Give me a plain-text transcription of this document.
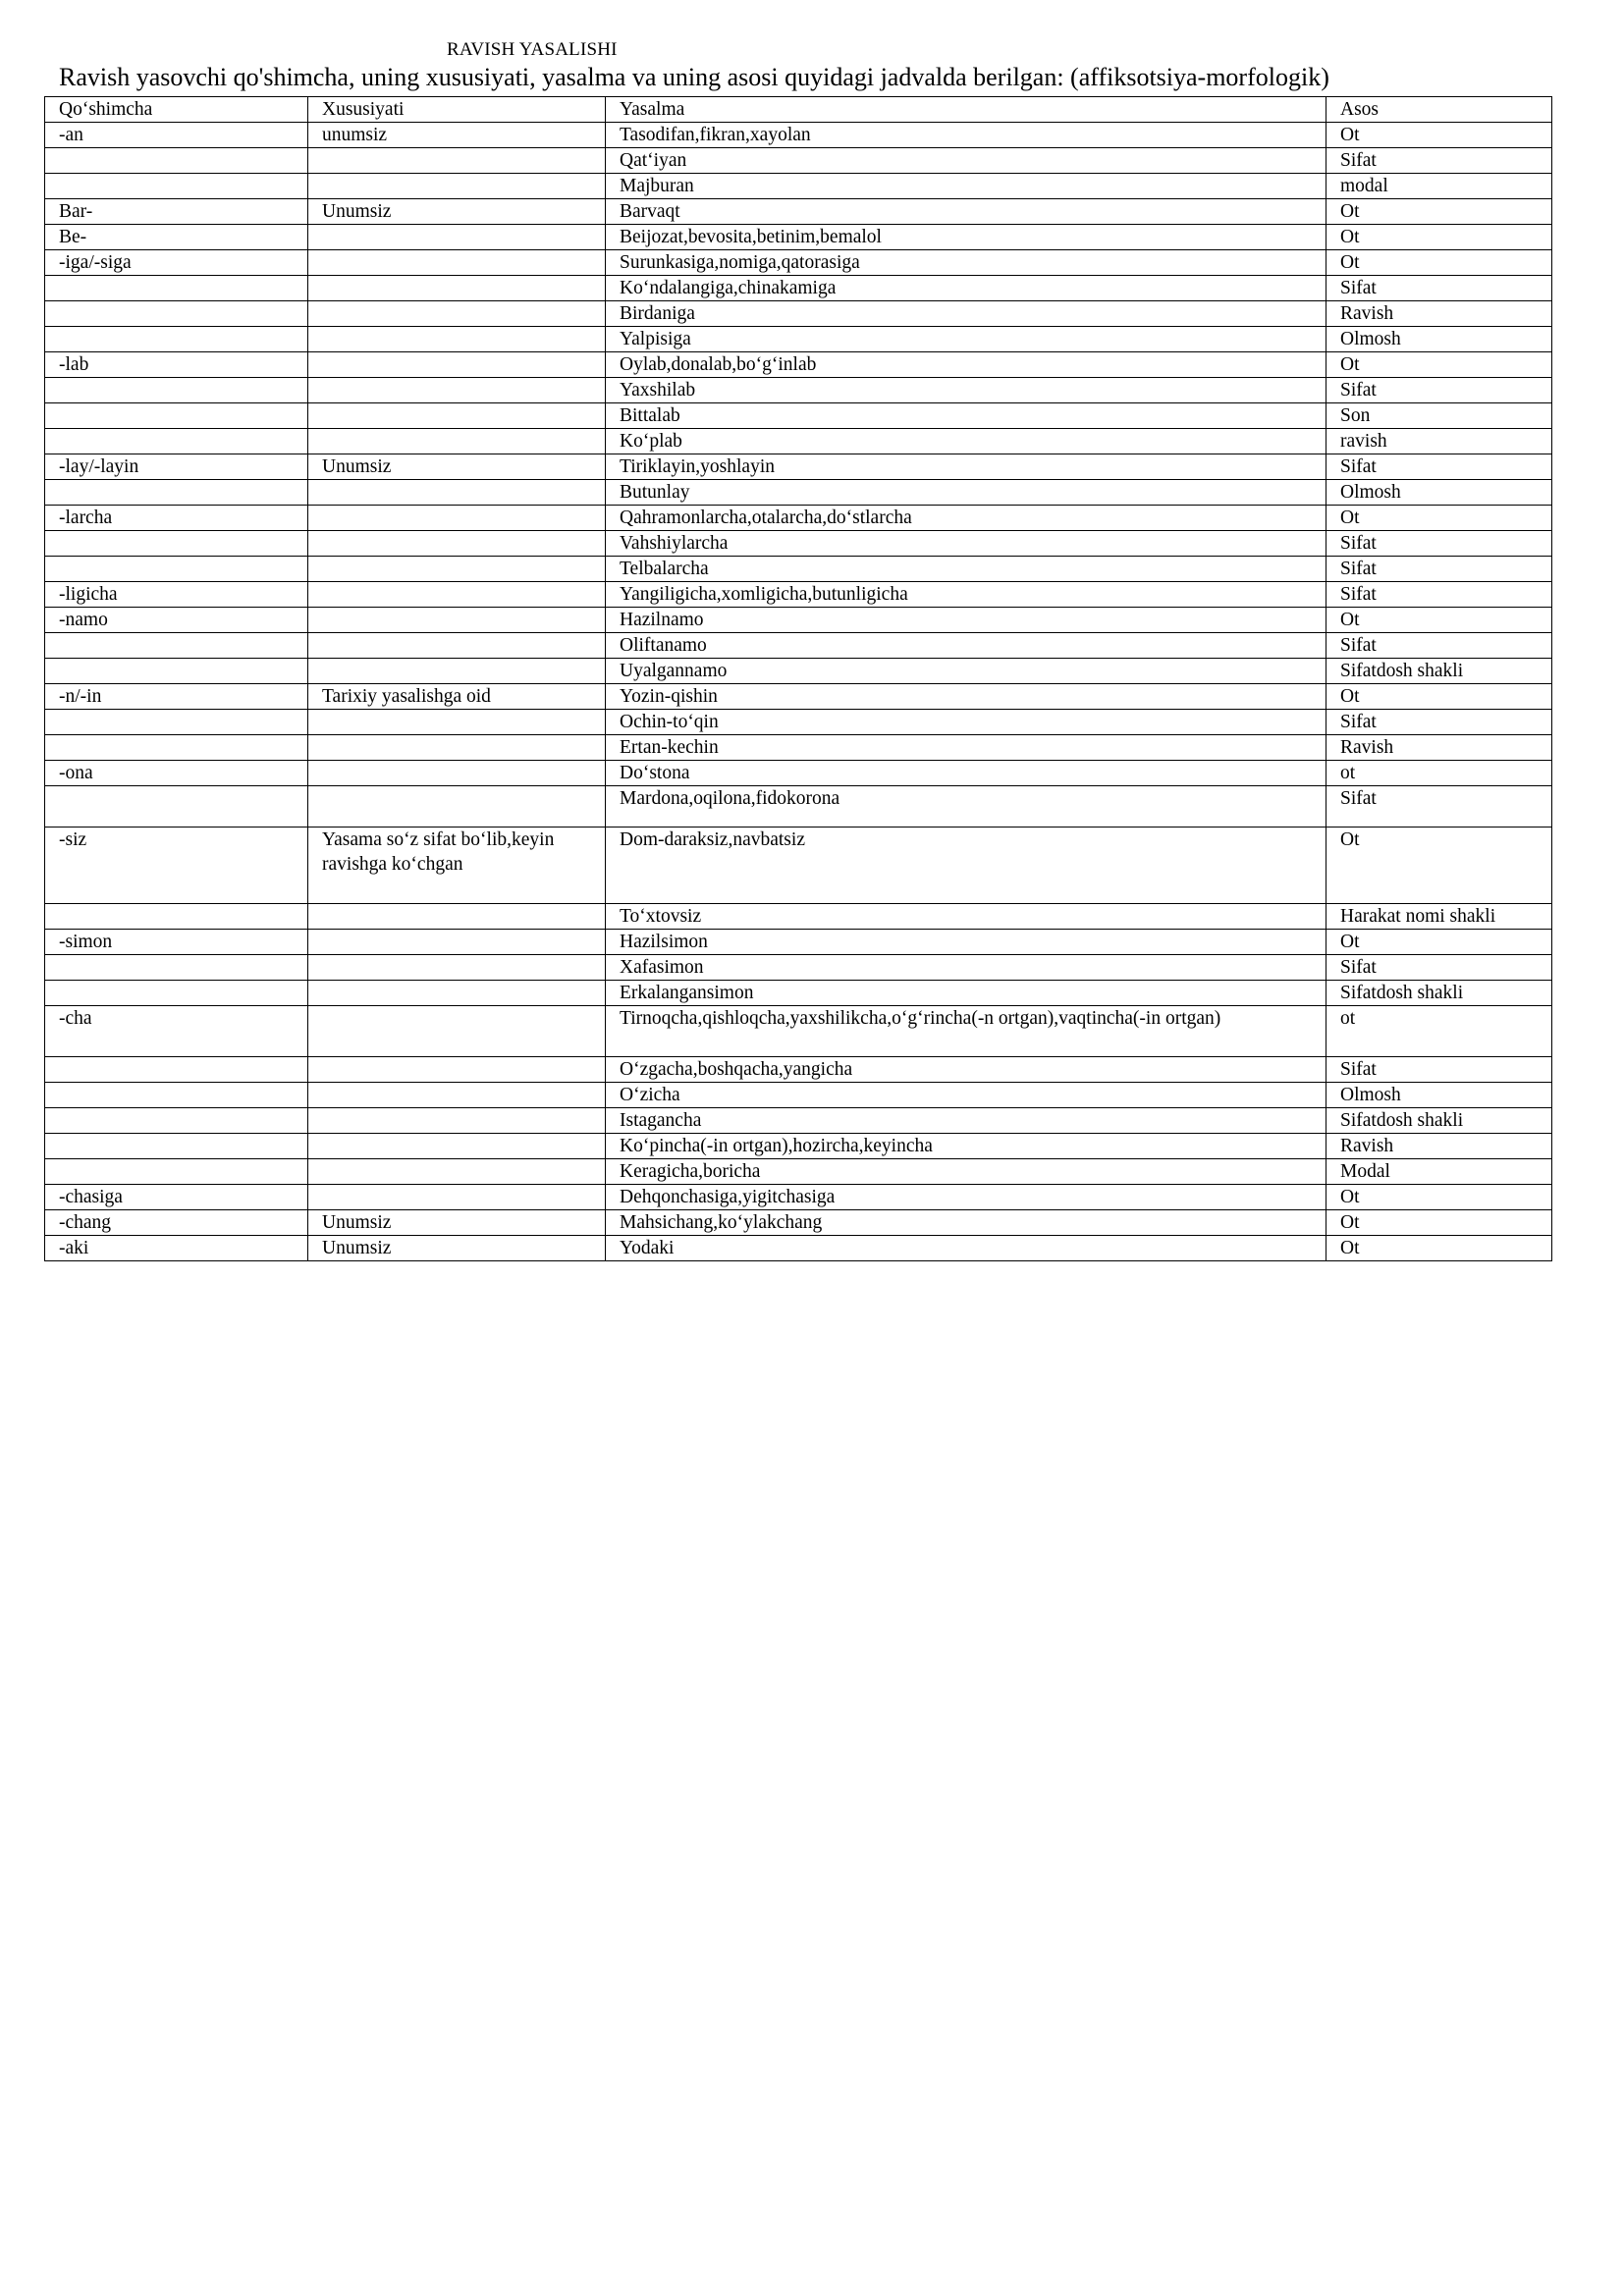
RAVISH YASALISHI
Ravish yasovchi qo'shimcha, uning xususiyati, yasalma va uning asosi quyidagi jadvalda berilgan: (affiksotsiya-morfologik)
Qo‘shimcha	Xususiyati	Yasalma	Asos
-an	unumsiz	Tasodifan,fikran,xayolan	Ot
		Qat‘iyan	Sifat
		Majburan	modal
Bar-	Unumsiz	Barvaqt	Ot
Be-		Beijozat,bevosita,betinim,bemalol	Ot
-iga/-siga		Surunkasiga,nomiga,qatorasiga	Ot
		Ko‘ndalangiga,chinakamiga	Sifat
		Birdaniga	Ravish
		Yalpisiga	Olmosh
-lab		Oylab,donalab,bo‘g‘inlab	Ot
		Yaxshilab	Sifat
		Bittalab	Son
		Ko‘plab	ravish
-lay/-layin	Unumsiz	Tiriklayin,yoshlayin	Sifat
		Butunlay	Olmosh
-larcha		Qahramonlarcha,otalarcha,do‘stlarcha	Ot
		Vahshiylarcha	Sifat
		Telbalarcha	Sifat
-ligicha		Yangiligicha,xomligicha,butunligicha	Sifat
-namo		Hazilnamo	Ot
		Oliftanamo	Sifat
		Uyalgannamo	Sifatdosh shakli
-n/-in	Tarixiy yasalishga oid	Yozin-qishin	Ot
		Ochin-to‘qin	Sifat
		Ertan-kechin	Ravish
-ona		Do‘stona	ot
		Mardona,oqilona,fidokorona	Sifat
-siz	Yasama so‘z sifat bo‘lib,keyin ravishga ko‘chgan	Dom-daraksiz,navbatsiz	Ot
		To‘xtovsiz	Harakat nomi shakli
-simon		Hazilsimon	Ot
		Xafasimon	Sifat
		Erkalangansimon	Sifatdosh shakli
-cha		Tirnoqcha,qishloqcha,yaxshilikcha,o‘g‘rincha(-n ortgan),vaqtincha(-in ortgan)	ot
		O‘zgacha,boshqacha,yangicha	Sifat
		O‘zicha	Olmosh
		Istagancha	Sifatdosh shakli
		Ko‘pincha(-in ortgan),hozircha,keyincha	Ravish
		Keragicha,boricha	Modal
-chasiga		Dehqonchasiga,yigitchasiga	Ot
-chang	Unumsiz	Mahsichang,ko‘ylakchang	Ot
-aki	Unumsiz	Yodaki	Ot
